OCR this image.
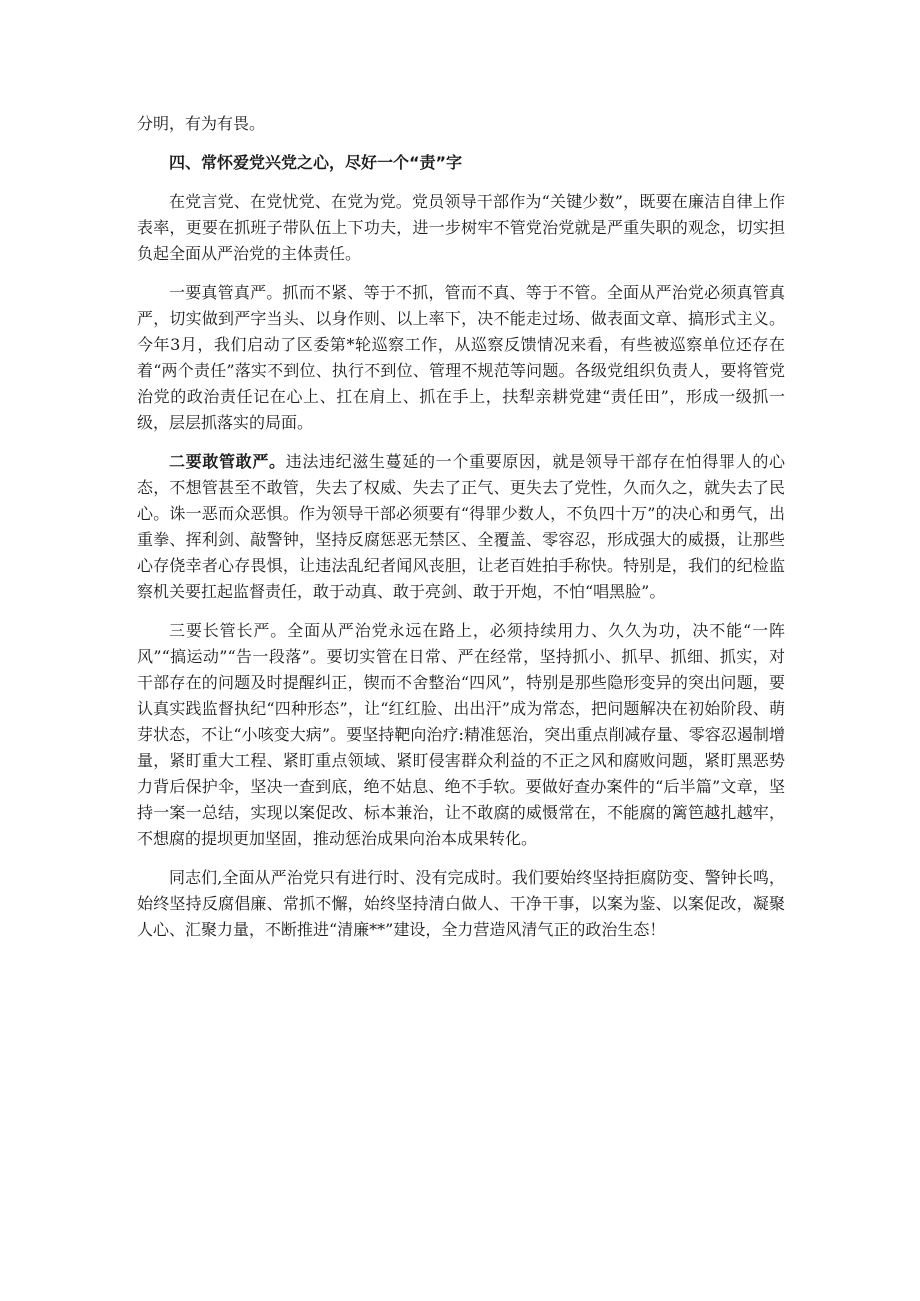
分明，有为有畏。

四、常怀爱党兴党之心，尽好一个“责”字

在党言党、在党忧党、在党为党。党员领导干部作为“关键少数”，既要在廉洁自律上作表率，更要在抓班子带队伍上下功夫，进一步树牢不管党治党就是严重失职的观念，切实担负起全面从严治党的主体责任。

一要真管真严。抓而不紧、等于不抓，管而不真、等于不管。全面从严治党必须真管真严，切实做到严字当头、以身作则、以上率下，决不能走过场、做表面文章、搞形式主义。今年3月，我们启动了区委第*轮巡察工作，从巡察反馈情况来看，有些被巡察单位还存在着“两个责任”落实不到位、执行不到位、管理不规范等问题。各级党组织负责人，要将管党治党的政治责任记在心上、扛在肩上、抓在手上，扶犁亲耕党建“责任田”，形成一级抓一级，层层抓落实的局面。

二要敢管敢严。违法违纪滋生蔓延的一个重要原因，就是领导干部存在怕得罪人的心态，不想管甚至不敢管，失去了权威、失去了正气、更失去了党性，久而久之，就失去了民心。诛一恶而众恶惧。作为领导干部必须要有“得罪少数人，不负四十万”的决心和勇气，出重拳、挥利剑、敲警钟，坚持反腐惩恶无禁区、全覆盖、零容忍，形成强大的威摄，让那些心存侥幸者心存畏惧，让违法乱纪者闻风丧胆，让老百姓拍手称快。特别是，我们的纪检监察机关要扛起监督责任，敢于动真、敢于亮剑、敢于开炮，不怕“唱黑脸”。

三要长管长严。全面从严治党永远在路上，必须持续用力、久久为功，决不能“一阵风”“搞运动”“告一段落”。要切实管在日常、严在经常，坚持抓小、抓早、抓细、抓实，对干部存在的问题及时提醒纠正，锲而不舍整治“四风”，特别是那些隐形变异的突出问题，要认真实践监督执纪“四种形态”，让“红红脸、出出汗”成为常态，把问题解决在初始阶段、萌芽状态，不让“小咳变大病”。要坚持靶向治疗:精准惩治，突出重点削减存量、零容忍遏制增量，紧盯重大工程、紧盯重点领域、紧盯侵害群众利益的不正之风和腐败问题，紧盯黑恶势力背后保护伞，坚决一查到底，绝不姑息、绝不手软。要做好查办案件的“后半篇”文章，坚持一案一总结，实现以案促改、标本兼治，让不敢腐的威慑常在，不能腐的篱笆越扎越牢，不想腐的提坝更加坚固，推动惩治成果向治本成果转化。

同志们,全面从严治党只有进行时、没有完成时。我们要始终坚持拒腐防变、警钟长鸣，始终坚持反腐倡廉、常抓不懈，始终坚持清白做人、干净干事，以案为鉴、以案促改，凝聚人心、汇聚力量，不断推进“清廉**”建设，全力营造风清气正的政治生态！
